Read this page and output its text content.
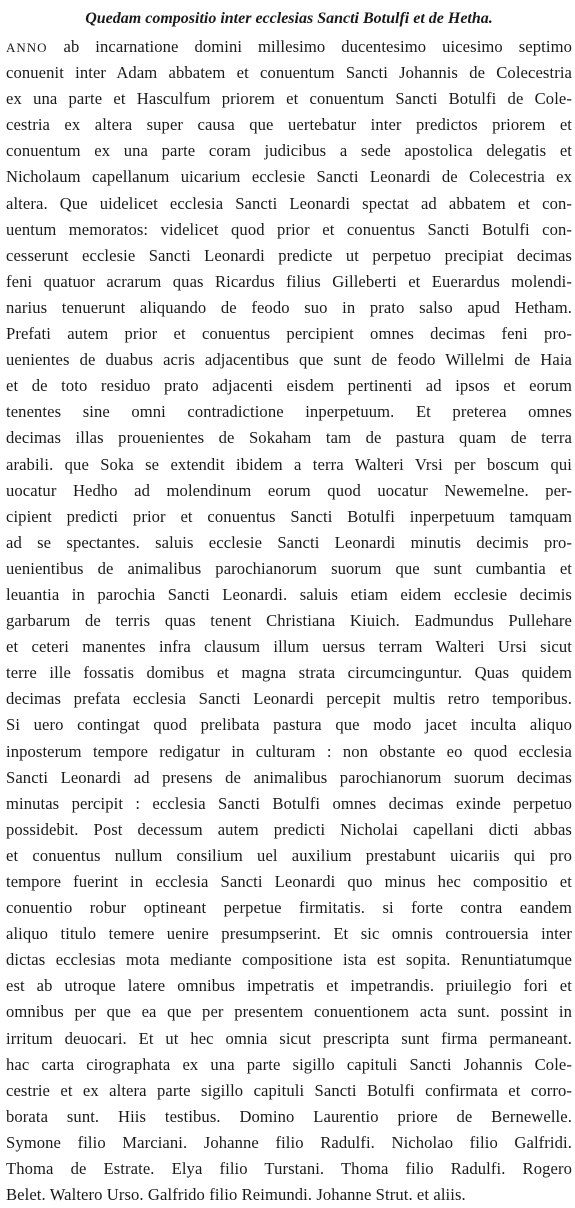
Quedam compositio inter ecclesias Sancti Botulfi et de Hetha.
ANNO ab incarnatione domini millesimo ducentesimo uicesimo septimo
conuenit inter Adam abbatem et conuentum Sancti Johannis de Colecestria
ex una parte et Hasculfum priorem et conuentum Sancti Botulfi de Cole-
cestria ex altera super causa que uertebatur inter predictos priorem et
conuentum ex una parte coram judicibus a sede apostolica delegatis et
Nicholaum capellanum uicarium ecclesie Sancti Leonardi de Colecestria ex
altera. Que uidelicet ecclesia Sancti Leonardi spectat ad abbatem et con-
uentum memoratos: videlicet quod prior et conuentus Sancti Botulfi con-
cesserunt ecclesie Sancti Leonardi predicte ut perpetuo precipiat decimas
feni quatuor acrarum quas Ricardus filius Gilleberti et Euerardus molendi-
narius tenuerunt aliquando de feodo suo in prato salso apud Hetham.
Prefati autem prior et conuentus percipient omnes decimas feni pro-
uenientes de duabus acris adjacentibus que sunt de feodo Willelmi de Haia
et de toto residuo prato adjacenti eisdem pertinenti ad ipsos et eorum
tenentes sine omni contradictione inperpetuum. Et preterea omnes
decimas illas prouenientes de Sokaham tam de pastura quam de terra
arabili. que Soka se extendit ibidem a terra Walteri Vrsi per boscum qui
uocatur Hedho ad molendinum eorum quod uocatur Newemelne. per-
cipient predicti prior et conuentus Sancti Botulfi inperpetuum tamquam
ad se spectantes. saluis ecclesie Sancti Leonardi minutis decimis pro-
uenientibus de animalibus parochianorum suorum que sunt cumbantia et
leuantia in parochia Sancti Leonardi. saluis etiam eidem ecclesie decimis
garbarum de terris quas tenent Christiana Kiuich. Eadmundus Pullehare
et ceteri manentes infra clausum illum uersus terram Walteri Ursi sicut
terre ille fossatis domibus et magna strata circumcinguntur. Quas quidem
decimas prefata ecclesia Sancti Leonardi percepit multis retro temporibus.
Si uero contingat quod prelibata pastura que modo jacet inculta aliquo
inposterum tempore redigatur in culturam : non obstante eo quod ecclesia
Sancti Leonardi ad presens de animalibus parochianorum suorum decimas
minutas percipit : ecclesia Sancti Botulfi omnes decimas exinde perpetuo
possidebit. Post decessum autem predicti Nicholai capellani dicti abbas
et conuentus nullum consilium uel auxilium prestabunt uicariis qui pro
tempore fuerint in ecclesia Sancti Leonardi quo minus hec compositio et
conuentio robur optineant perpetue firmitatis. si forte contra eandem
aliquo titulo temere uenire presumpserint. Et sic omnis controuersia inter
dictas ecclesias mota mediante compositione ista est sopita. Renuntiatumque
est ab utroque latere omnibus impetratis et impetrandis. priuilegio fori et
omnibus per que ea que per presentem conuentionem acta sunt. possint in
irritum deuocari. Et ut hec omnia sicut prescripta sunt firma permaneant.
hac carta cirographata ex una parte sigillo capituli Sancti Johannis Cole-
cestrie et ex altera parte sigillo capituli Sancti Botulfi confirmata et corro-
borata sunt. Hiis testibus. Domino Laurentio priore de Bernewelle.
Symone filio Marciani. Johanne filio Radulfi. Nicholao filio Galfridi.
Thoma de Estrate. Elya filio Turstani. Thoma filio Radulfi. Rogero
Belet. Waltero Urso. Galfrido filio Reimundi. Johanne Strut. et aliis.
